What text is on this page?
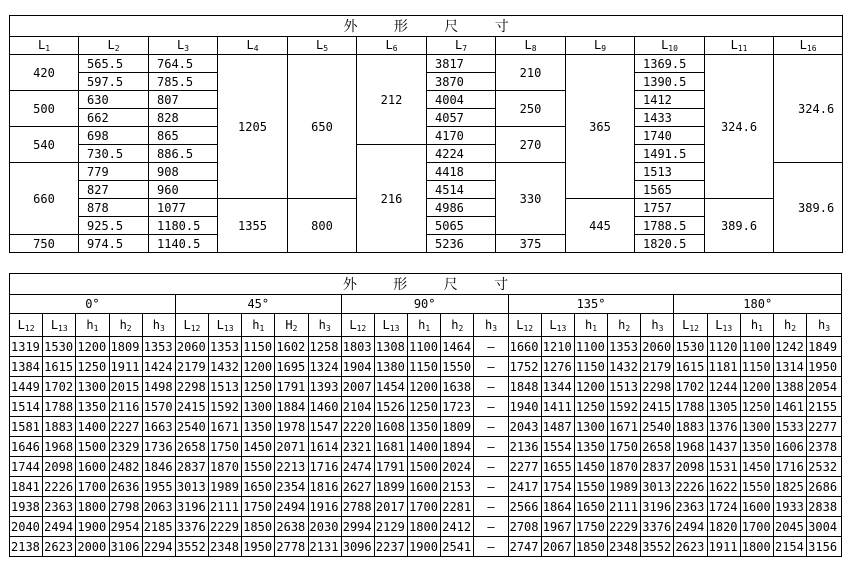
外 形 尺 寸											
$L_1$	$L_2$	$L_3$	$L_4$	$L_5$	$L_6$	$L_7$	$L_8$	$L_9$	$L_{10}$	$L_{11}$	$L_{16}$
420	565.5	764.5	1205	650	212	3817	210	365	1369.5	324.6	324.6
	597.5	785.5				3870			1390.5		
500	630	807				4004	250		1412		
	662	828				4057			1433		
540	698	865				4170	270		1740		
	730.5	886.5			216	4224			1491.5		
660	779	908				4418	330		1513		389.6
	827	960				4514			1565		
	878	1077	1355	800		4986		445	1757	389.6	
	925.5	1180.5				5065			1788.5		
750	974.5	1140.5				5236	375		1820.5		
外 形 尺 寸																								
0°					45°					90°					135°					180°				
$L_{12}$	$L_{13}$	$h_1$	$h_2$	$h_3$	$L_{12}$	$L_{13}$	$h_1$	$H_2$	$h_3$	$L_{12}$	$L_{13}$	$h_1$	$h_2$	$h_3$	$L_{12}$	$L_{13}$	$h_1$	$h_2$	$h_3$	$L_{12}$	$L_{13}$	$h_1$	$h_2$	$h_3$
1319	1530	1200	1809	1353	2060	1353	1150	1602	1258	1803	1308	1100	1464	—	1660	1210	1100	1353	2060	1530	1120	1100	1242	1849
1384	1615	1250	1911	1424	2179	1432	1200	1695	1324	1904	1380	1150	1550	—	1752	1276	1150	1432	2179	1615	1181	1150	1314	1950
1449	1702	1300	2015	1498	2298	1513	1250	1791	1393	2007	1454	1200	1638	—	1848	1344	1200	1513	2298	1702	1244	1200	1388	2054
1514	1788	1350	2116	1570	2415	1592	1300	1884	1460	2104	1526	1250	1723	—	1940	1411	1250	1592	2415	1788	1305	1250	1461	2155
1581	1883	1400	2227	1663	2540	1671	1350	1978	1547	2220	1608	1350	1809	—	2043	1487	1300	1671	2540	1883	1376	1300	1533	2277
1646	1968	1500	2329	1736	2658	1750	1450	2071	1614	2321	1681	1400	1894	—	2136	1554	1350	1750	2658	1968	1437	1350	1606	2378
1744	2098	1600	2482	1846	2837	1870	1550	2213	1716	2474	1791	1500	2024	—	2277	1655	1450	1870	2837	2098	1531	1450	1716	2532
1841	2226	1700	2636	1955	3013	1989	1650	2354	1816	2627	1899	1600	2153	—	2417	1754	1550	1989	3013	2226	1622	1550	1825	2686
1938	2363	1800	2798	2063	3196	2111	1750	2494	1916	2788	2017	1700	2281	—	2566	1864	1650	2111	3196	2363	1724	1600	1933	2838
2040	2494	1900	2954	2185	3376	2229	1850	2638	2030	2994	2129	1800	2412	—	2708	1967	1750	2229	3376	2494	1820	1700	2045	3004
2138	2623	2000	3106	2294	3552	2348	1950	2778	2131	3096	2237	1900	2541	—	2747	2067	1850	2348	3552	2623	1911	1800	2154	3156
